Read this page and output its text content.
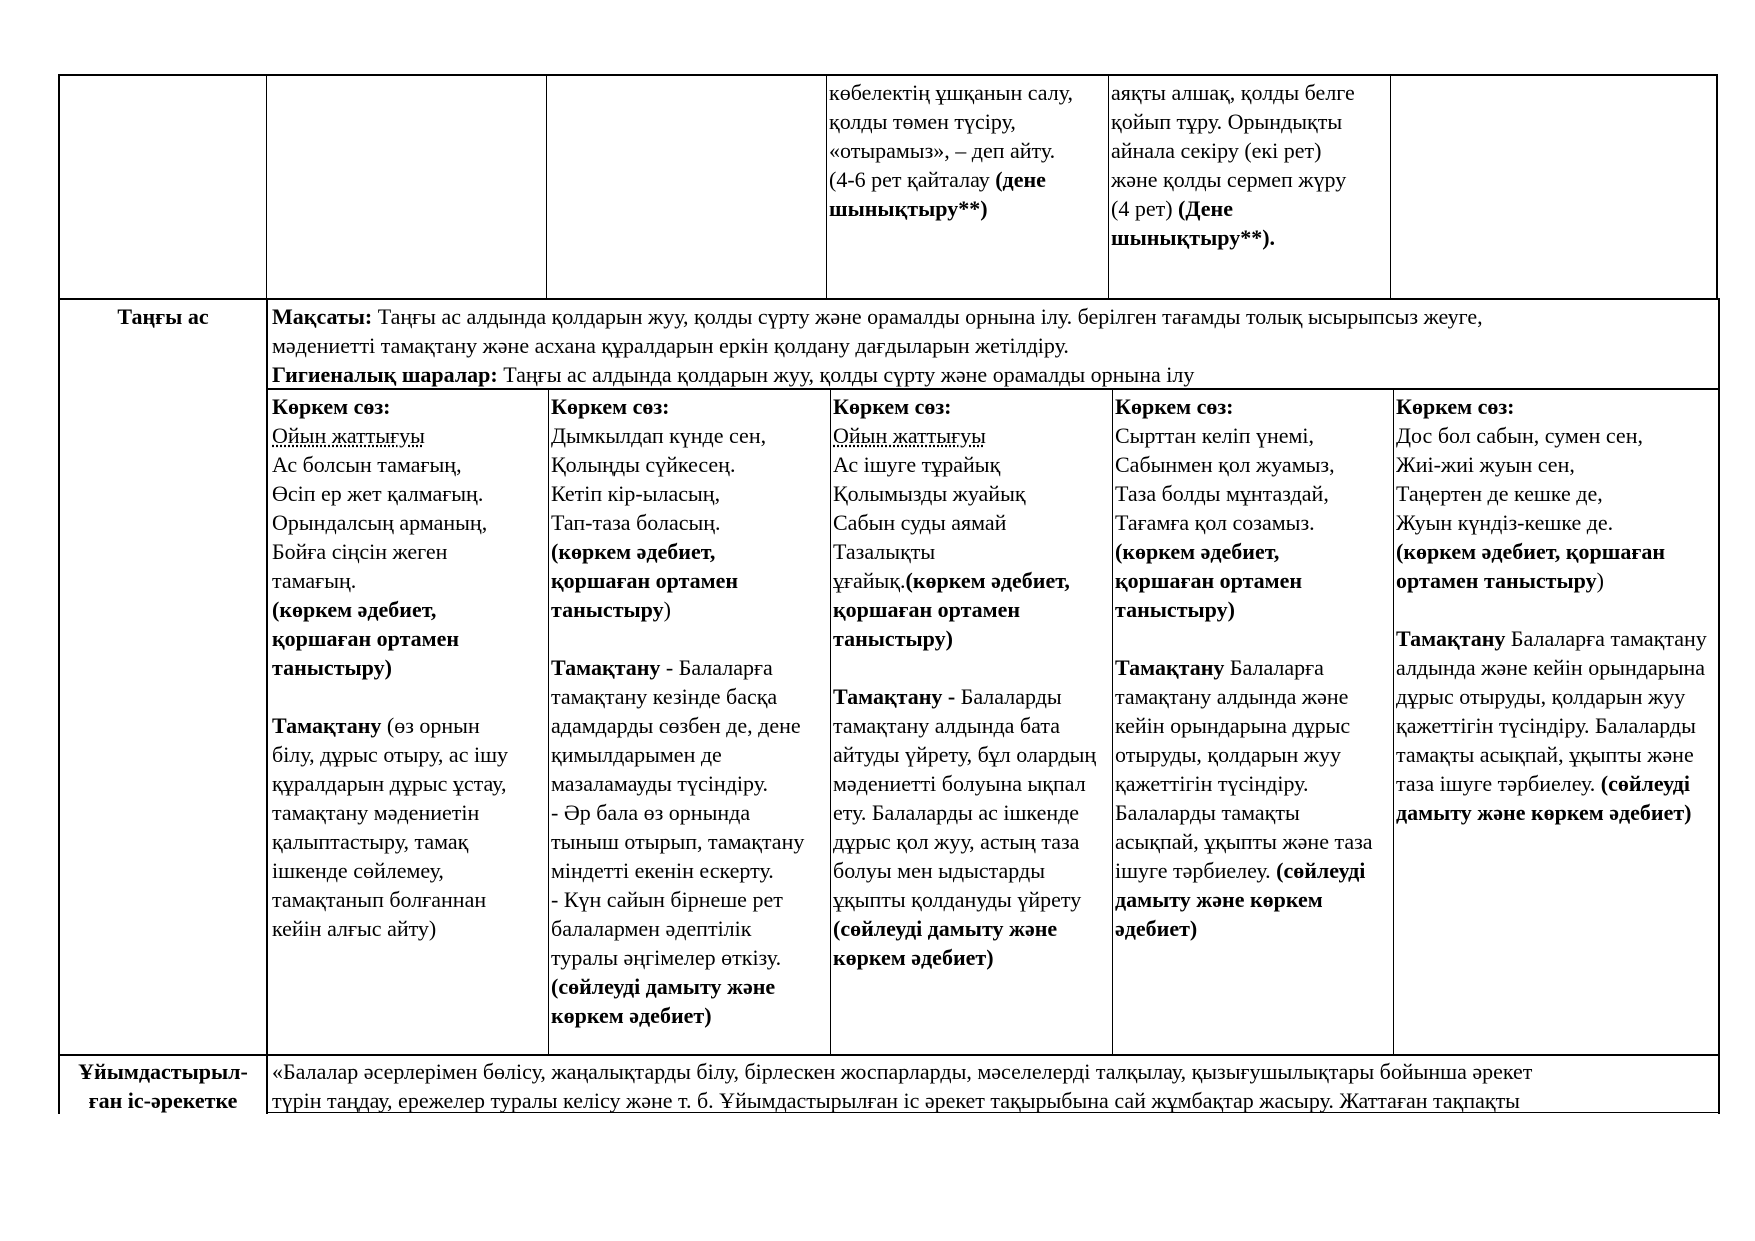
көбелектің ұшқанын салу,
қолды төмен түсіру,
«отырамыз», – деп айту.
(4-6 рет қайталау (дене
шынықтыру**)
аяқты алшақ, қолды белге
қойып тұру. Орындықты
айнала секіру (екі рет)
және қолды сермеп жүру
(4 рет) (Дене
шынықтыру**).
Таңғы ас	Мақсаты: Таңғы ас алдында қолдарын жуу, қолды сүрту және орамалды орнына ілу. берілген тағамды толық ысырыпсыз жеуге,
мәдениетті тамақтану және асхана құралдарын еркін қолдану дағдыларын жетілдіру.
Гигиеналық шаралар: Таңғы ас алдында қолдарын жуу, қолды сүрту және орамалды орнына ілу
Көркем сөз:
Ойын жаттығуы
Ас болсын тамағың,
Өсіп ер жет қалмағың.
Орындалсың арманың,
Бойға сіңсін жеген
тамағың.
(көркем әдебиет,
қоршаған ортамен
таныстыру)

Тамақтану (өз орнын
білу, дұрыс отыру, ас ішу
құралдарын дұрыс ұстау,
тамақтану мәдениетін
қалыптастыру, тамақ
ішкенде сөйлемеу,
тамақтанып болғаннан
кейін алғыс айту)
Көркем сөз:
Дымкылдап күнде сен,
Қолыңды сүйкесең.
Кетіп кір-ыласың,
Тап-таза боласың.
(көркем әдебиет,
қоршаған ортамен
таныстыру)

Тамақтану - Балаларға
тамақтану кезінде басқа
адамдарды сөзбен де, дене
қимылдарымен де
мазаламауды түсіндіру.
- Әр бала өз орнында
тыныш отырып, тамақтану
міндетті екенін ескерту.
- Күн сайын бірнеше рет
балалармен әдептілік
туралы әңгімелер өткізу.
(сөйлеуді дамыту және
көркем әдебиет)
Көркем сөз:
Ойын жаттығуы
Ас ішуге тұрайық
Қолымызды жуайық
Сабын суды аямай
Тазалықты
ұғайық.(көркем әдебиет,
қоршаған ортамен
таныстыру)

Тамақтану - Балаларды
тамақтану алдында бата
айтуды үйрету, бұл олардың
мәдениетті болуына ықпал
ету. Балаларды ас ішкенде
дұрыс қол жуу, астың таза
болуы мен ыдыстарды
ұқыпты қолдануды үйрету
(сөйлеуді дамыту және
көркем әдебиет)
Көркем сөз:
Сырттан келіп үнемі,
Сабынмен қол жуамыз,
Таза болды мұнтаздай,
Тағамға қол созамыз.
(көркем әдебиет,
қоршаған ортамен
таныстыру)

Тамақтану Балаларға
тамақтану алдында және
кейін орындарына дұрыс
отыруды, қолдарын жуу
қажеттігін түсіндіру.
Балаларды тамақты
асықпай, ұқыпты және таза
ішуге тәрбиелеу. (сөйлеуді
дамыту және көркем
әдебиет)
Көркем сөз:
Дос бол сабын, сумен сен,
Жиі-жиі жуын сен,
Таңертен де кешке де,
Жуын күндіз-кешке де.
(көркем әдебиет, қоршаған
ортамен таныстыру)

Тамақтану Балаларға тамақтану
алдында және кейін орындарына
дұрыс отыруды, қолдарын жуу
қажеттігін түсіндіру. Балаларды
тамақты асықпай, ұқыпты және
таза ішуге тәрбиелеу. (сөйлеуді
дамыту және көркем әдебиет)
Ұйымдастырыл-
ған іс-әрекетке
«Балалар әсерлерімен бөлісу, жаңалықтарды білу, бірлескен жоспарларды, мәселелерді талқылау, қызығушылықтары бойынша әрекет
түрін таңдау, ережелер туралы келісу және т. б. Ұйымдастырылған іс әрекет тақырыбына сай жұмбақтар жасыру. Жаттаған тақпақты
